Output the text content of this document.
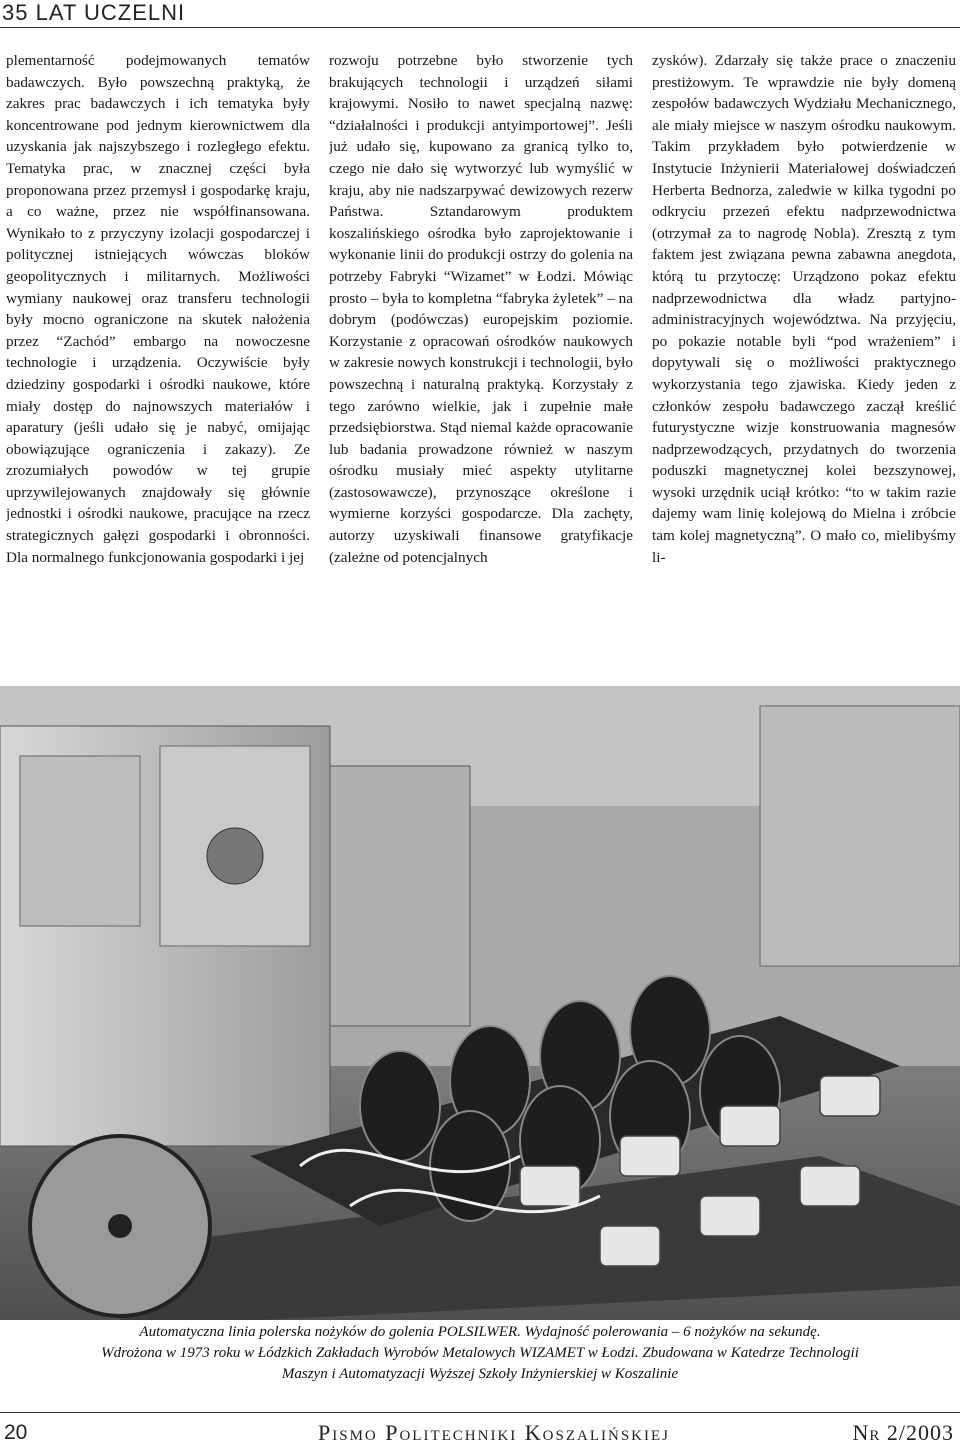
35 LAT UCZELNI

plementarność podejmowanych tematów badawczych. Było powszechną praktyką, że zakres prac badawczych i ich tematyka były koncentrowane pod jednym kierownictwem dla uzyskania jak najszybszego i rozległego efektu. Tematyka prac, w znacznej części była proponowana przez przemysł i gospodarkę kraju, a co ważne, przez nie współfinansowana. Wynikało to z przyczyny izolacji gospodarczej i politycznej istniejących wówczas bloków geopolitycznych i militarnych. Możliwości wymiany naukowej oraz transferu technologii były mocno ograniczone na skutek nałożenia przez “Zachód” embargo na nowoczesne technologie i urządzenia. Oczywiście były dziedziny gospodarki i ośrodki naukowe, które miały dostęp do najnowszych materiałów i aparatury (jeśli udało się je nabyć, omijając obowiązujące ograniczenia i zakazy). Ze zrozumiałych powodów w tej grupie uprzywilejowanych znajdowały się głównie jednostki i ośrodki naukowe, pracujące na rzecz strategicznych gałęzi gospodarki i obronności. Dla normalnego funkcjonowania gospodarki i jej

rozwoju potrzebne było stworzenie tych brakujących technologii i urządzeń siłami krajowymi. Nosiło to nawet specjalną nazwę: “działalności i produkcji antyimportowej”. Jeśli już udało się, kupowano za granicą tylko to, czego nie dało się wytworzyć lub wymyślić w kraju, aby nie nadszarpywać dewizowych rezerw Państwa. Sztandarowym produktem koszalińskiego ośrodka było zaprojektowanie i wykonanie linii do produkcji ostrzy do golenia na potrzeby Fabryki “Wizamet” w Łodzi. Mówiąc prosto – była to kompletna “fabryka żyletek” – na dobrym (podówczas) europejskim poziomie. Korzystanie z opracowań ośrodków naukowych w zakresie nowych konstrukcji i technologii, było powszechną i naturalną praktyką. Korzystały z tego zarówno wielkie, jak i zupełnie małe przedsiębiorstwa. Stąd niemal każde opracowanie lub badania prowadzone również w naszym ośrodku musiały mieć aspekty utylitarne (zastosowawcze), przynoszące określone i wymierne korzyści gospodarcze. Dla zachęty, autorzy uzyskiwali finansowe gratyfikacje (zależne od potencjalnych

zysków). Zdarzały się także prace o znaczeniu prestiżowym. Te wprawdzie nie były domeną zespołów badawczych Wydziału Mechanicznego, ale miały miejsce w naszym ośrodku naukowym. Takim przykładem było potwierdzenie w Instytucie Inżynierii Materiałowej doświadczeń Herberta Bednorza, zaledwie w kilka tygodni po odkryciu przezeń efektu nadprzewodnictwa (otrzymał za to nagrodę Nobla). Zresztą z tym faktem jest związana pewna zabawna anegdota, którą tu przytoczę: Urządzono pokaz efektu nadprzewodnictwa dla władz partyjno-administracyjnych województwa. Na przyjęciu, po pokazie notable byli “pod wrażeniem” i dopytywali się o możliwości praktycznego wykorzystania tego zjawiska. Kiedy jeden z członków zespołu badawczego zaczął kreślić futurystyczne wizje konstruowania magnesów nadprzewodzących, przydatnych do tworzenia poduszki magnetycznej kolei bezszynowej, wysoki urzędnik uciął krótko: “to w takim razie dajemy wam linię kolejową do Mielna i zróbcie tam kolej magnetyczną”. O mało co, mielibyśmy li-

Automatyczna linia polerska nożyków do golenia POLSILWER. Wydajność polerowania – 6 nożyków na sekundę.
Wdrożona w 1973 roku w Łódzkich Zakładach Wyrobów Metalowych WIZAMET w Łodzi. Zbudowana w Katedrze Technologii
Maszyn i Automatyzacji Wyższej Szkoły Inżynierskiej w Koszalinie
20	Pismo Politechniki Koszalińskiej	Nr 2/2003
